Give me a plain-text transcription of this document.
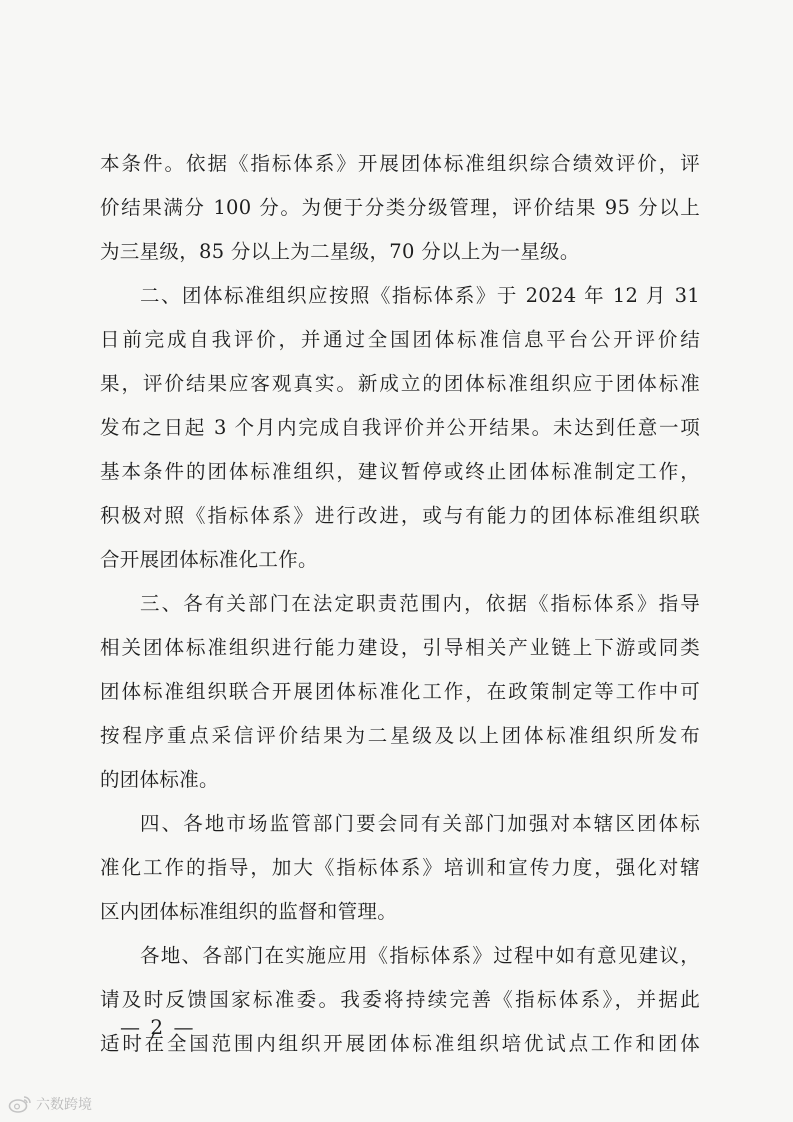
本条件。依据《指标体系》开展团体标准组织综合绩效评价，评
价结果满分 100 分。为便于分类分级管理，评价结果 95 分以上
为三星级，85 分以上为二星级，70 分以上为一星级。
二、团体标准组织应按照《指标体系》于 2024 年 12 月 31
日前完成自我评价，并通过全国团体标准信息平台公开评价结
果，评价结果应客观真实。新成立的团体标准组织应于团体标准
发布之日起 3 个月内完成自我评价并公开结果。未达到任意一项
基本条件的团体标准组织，建议暂停或终止团体标准制定工作，
积极对照《指标体系》进行改进，或与有能力的团体标准组织联
合开展团体标准化工作。
三、各有关部门在法定职责范围内，依据《指标体系》指导
相关团体标准组织进行能力建设，引导相关产业链上下游或同类
团体标准组织联合开展团体标准化工作，在政策制定等工作中可
按程序重点采信评价结果为二星级及以上团体标准组织所发布
的团体标准。
四、各地市场监管部门要会同有关部门加强对本辖区团体标
准化工作的指导，加大《指标体系》培训和宣传力度，强化对辖
区内团体标准组织的监督和管理。
各地、各部门在实施应用《指标体系》过程中如有意见建议，
请及时反馈国家标准委。我委将持续完善《指标体系》，并据此
适时在全国范围内组织开展团体标准组织培优试点工作和团体
— 2 —
六数跨境
